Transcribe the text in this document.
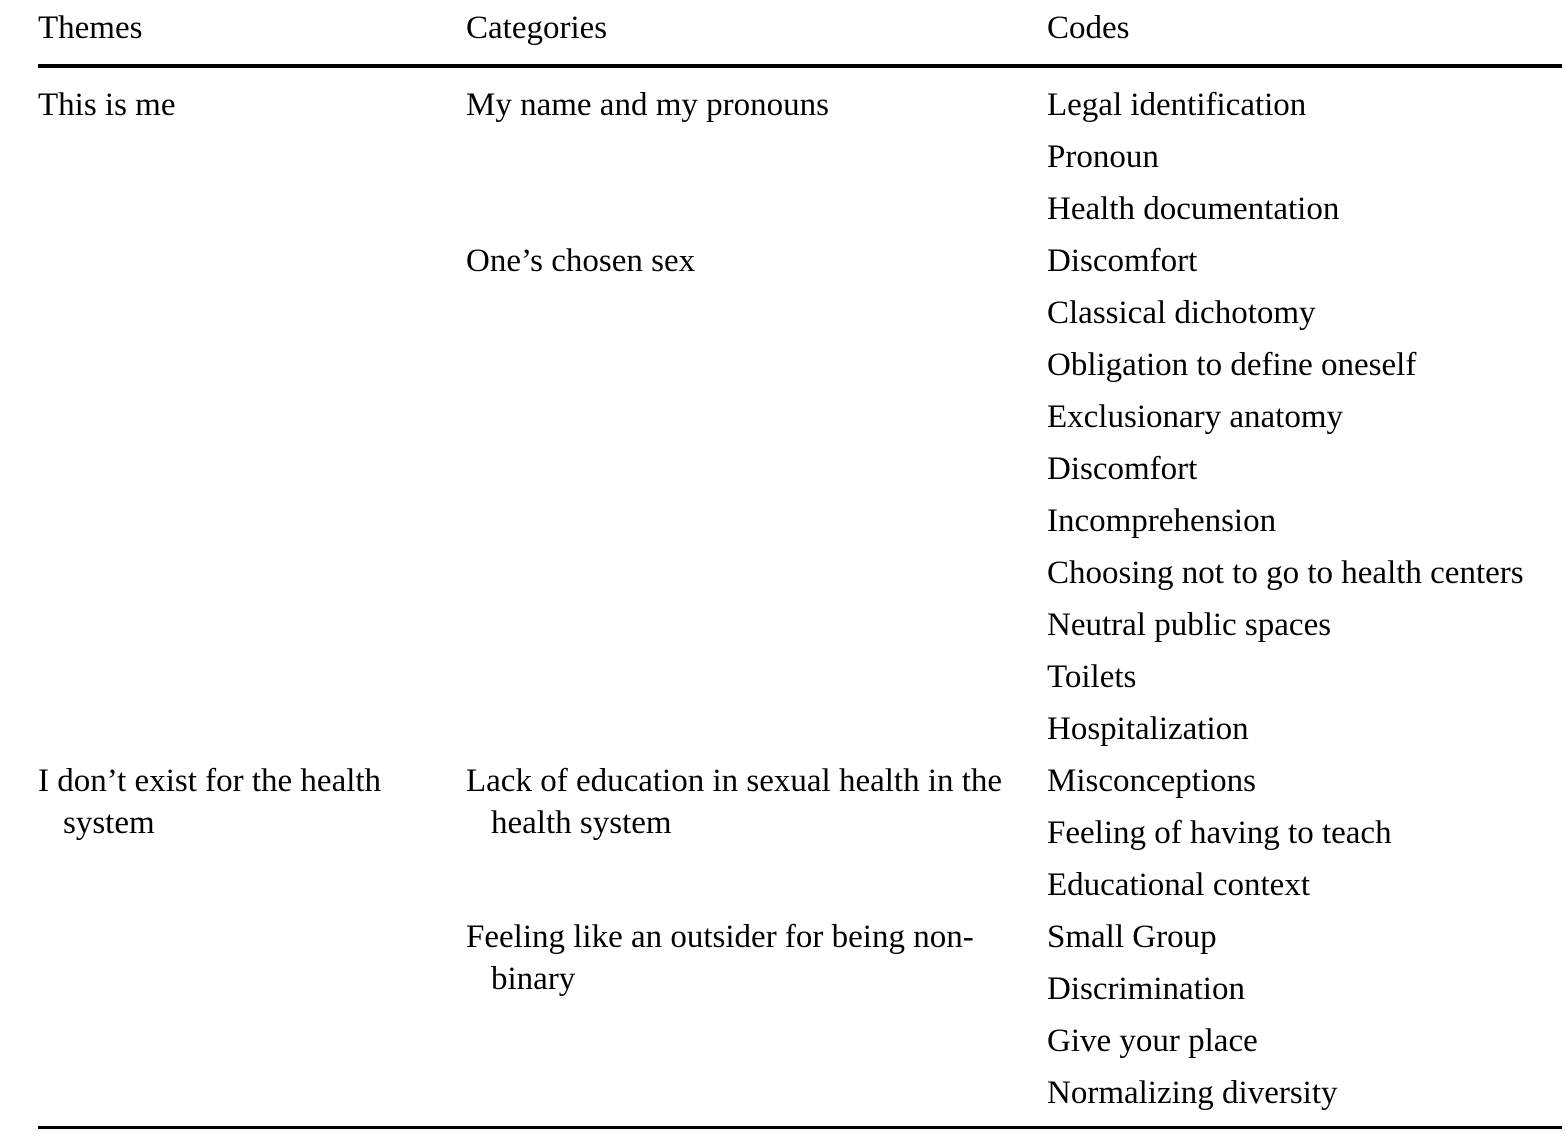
Themes	Categories	Codes
This is me
I don’t exist for the health system
My name and my pronouns
One’s chosen sex
Lack of education in sexual health in the health system
Feeling like an outsider for being non-binary
Legal identification
Pronoun
Health documentation
Discomfort
Classical dichotomy
Obligation to define oneself
Exclusionary anatomy
Discomfort
Incomprehension
Choosing not to go to health centers
Neutral public spaces
Toilets
Hospitalization
Misconceptions
Feeling of having to teach
Educational context
Small Group
Discrimination
Give your place
Normalizing diversity
